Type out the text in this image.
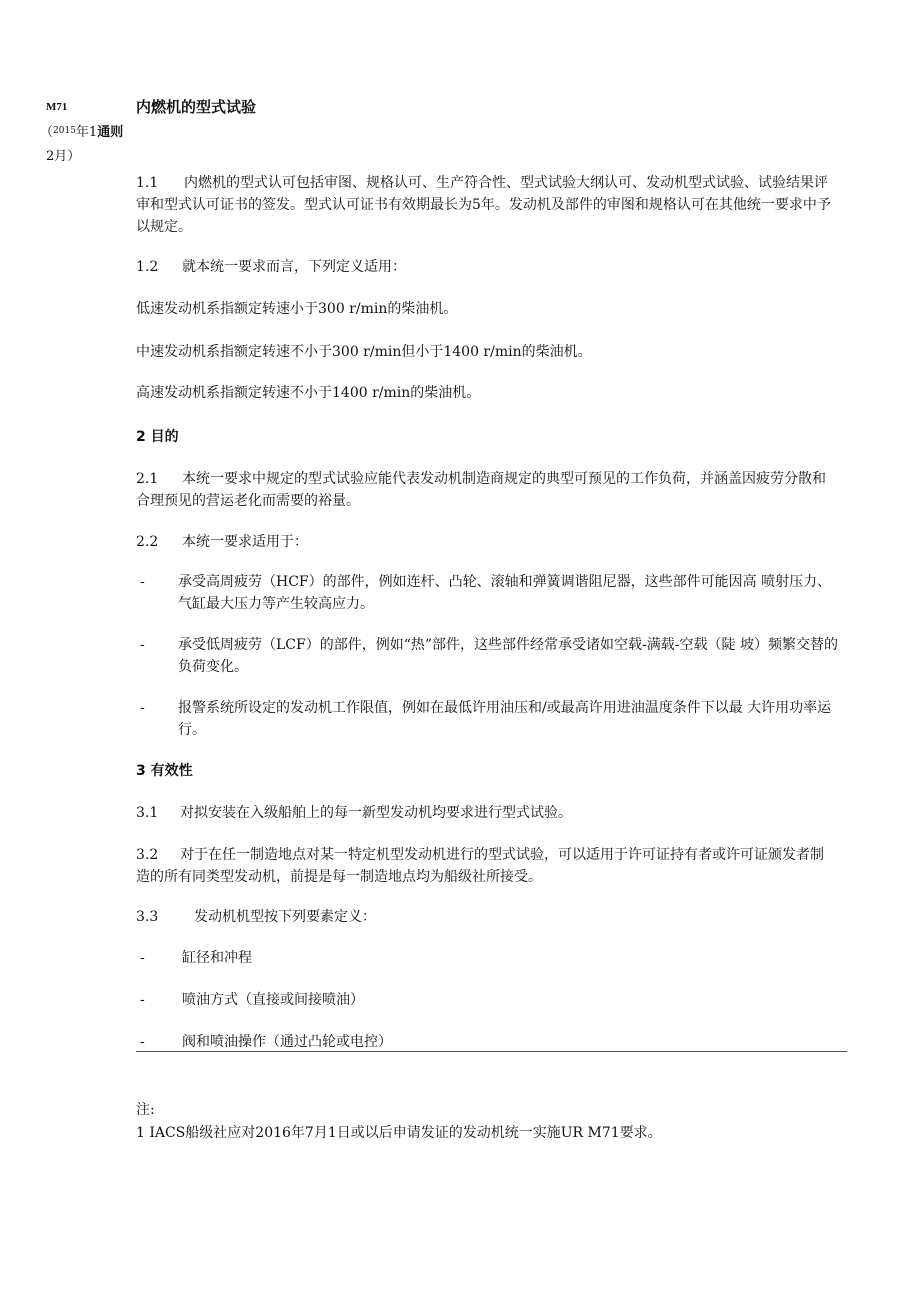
M71	内燃机的型式试验
（$^{2015}$年1通则
2月）
1.1 内燃机的型式认可包括审图、规格认可、生产符合性、型式试验大纲认可、发动机型式试验、试验结果评审和型式认可证书的签发。型式认可证书有效期最长为5年。发动机及部件的审图和规格认可在其他统一要求中予以规定。
1.2 就本统一要求而言，下列定义适用：
低速发动机系指额定转速小于300 r/min的柴油机。
中速发动机系指额定转速不小于300 r/min但小于1400 r/min的柴油机。
高速发动机系指额定转速不小于1400 r/min的柴油机。
2 目的
2.1 本统一要求中规定的型式试验应能代表发动机制造商规定的典型可预见的工作负荷，并涵盖因疲劳分散和合理预见的营运老化而需要的裕量。
2.2 本统一要求适用于：
- 承受高周疲劳（HCF）的部件，例如连杆、凸轮、滚轴和弹簧调谐阻尼器，这些部件可能因高 喷射压力、气缸最大压力等产生较高应力。
- 承受低周疲劳（LCF）的部件，例如“热”部件，这些部件经常承受诸如空载-满载-空载（陡 坡）频繁交替的负荷变化。
- 报警系统所设定的发动机工作限值，例如在最低许用油压和/或最高许用进油温度条件下以最 大许用功率运行。
3 有效性
3.1 对拟安装在入级船舶上的每一新型发动机均要求进行型式试验。
3.2 对于在任一制造地点对某一特定机型发动机进行的型式试验，可以适用于许可证持有者或许可证颁发者制造的所有同类型发动机，前提是每一制造地点均为船级社所接受。
3.3	发动机机型按下列要素定义：
-	缸径和冲程
-	喷油方式（直接或间接喷油）
-	阀和喷油操作（通过凸轮或电控）
注:
1 IACS船级社应对2016年7月1日或以后申请发证的发动机统一实施UR M71要求。
